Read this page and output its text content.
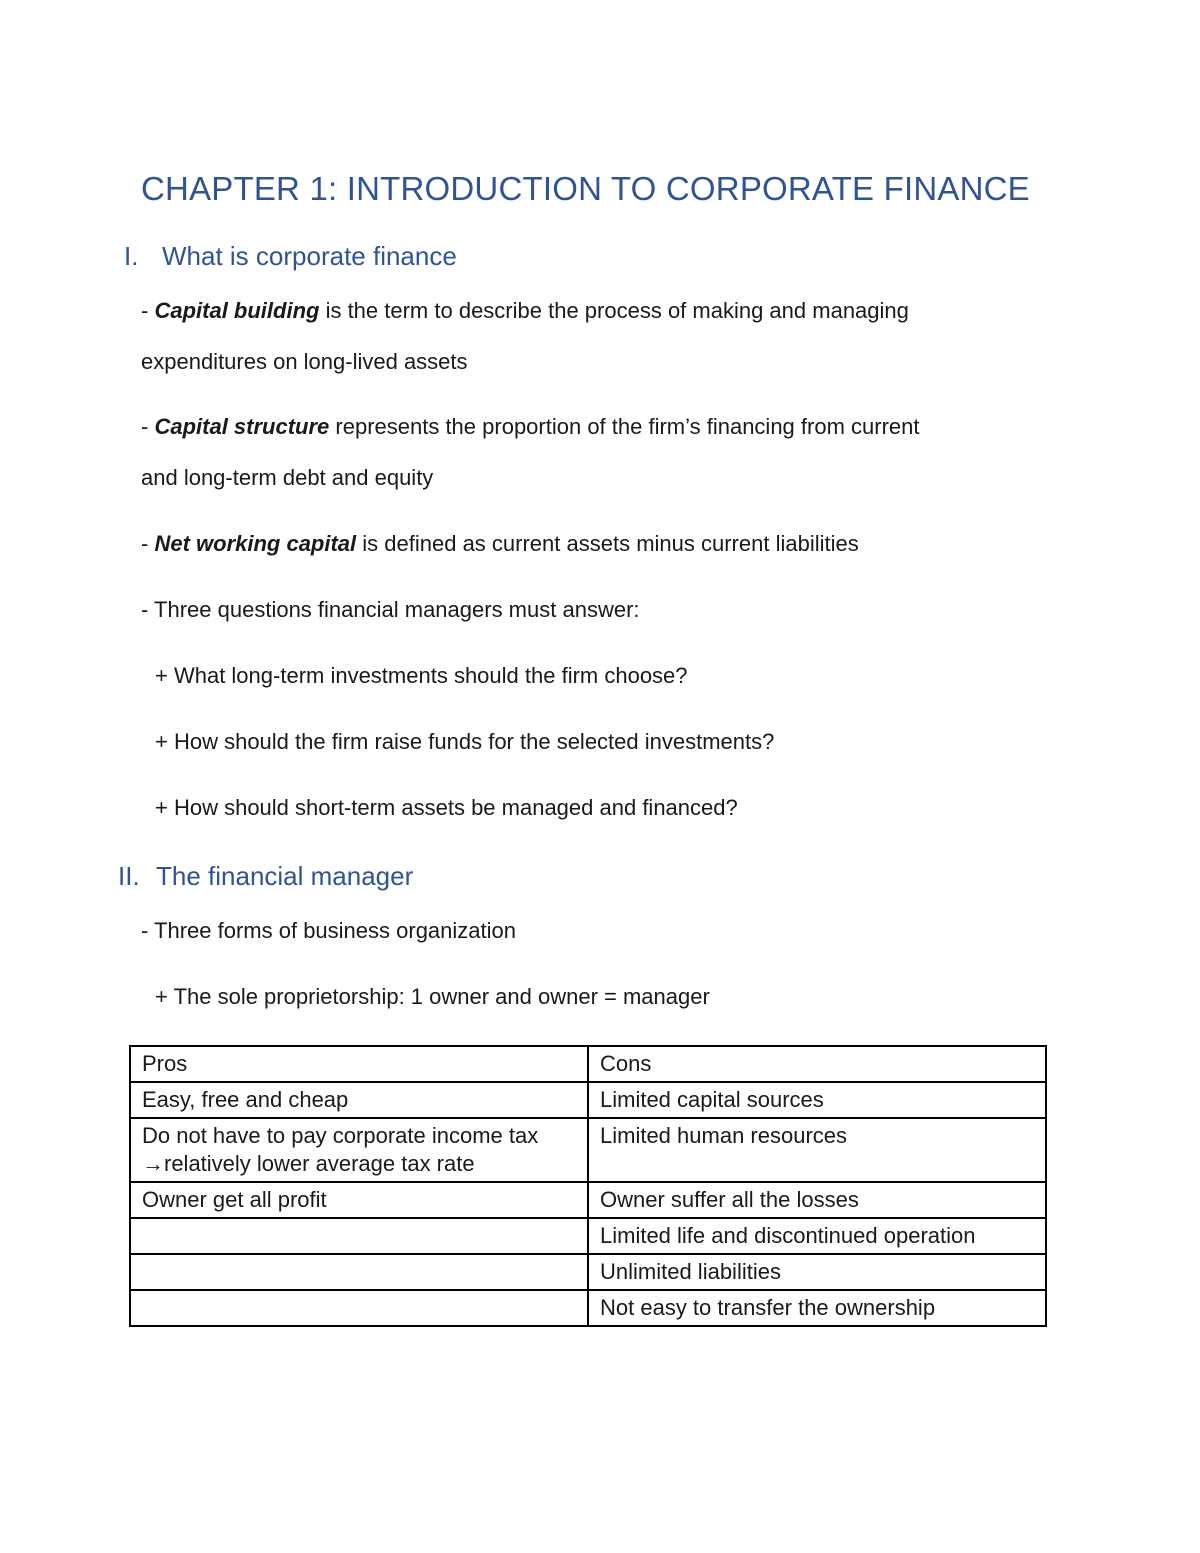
CHAPTER 1: INTRODUCTION TO CORPORATE FINANCE
I. What is corporate finance
- Capital building is the term to describe the process of making and managing
expenditures on long-lived assets
- Capital structure represents the proportion of the firm’s financing from current
and long-term debt and equity
- Net working capital is defined as current assets minus current liabilities
- Three questions financial managers must answer:
+ What long-term investments should the firm choose?
+ How should the firm raise funds for the selected investments?
+ How should short-term assets be managed and financed?
II. The financial manager
- Three forms of business organization
+ The sole proprietorship: 1 owner and owner = manager
Pros	Cons
Easy, free and cheap	Limited capital sources
Do not have to pay corporate income tax →relatively lower average tax rate	Limited human resources
Owner get all profit	Owner suffer all the losses
	Limited life and discontinued operation
	Unlimited liabilities
	Not easy to transfer the ownership
